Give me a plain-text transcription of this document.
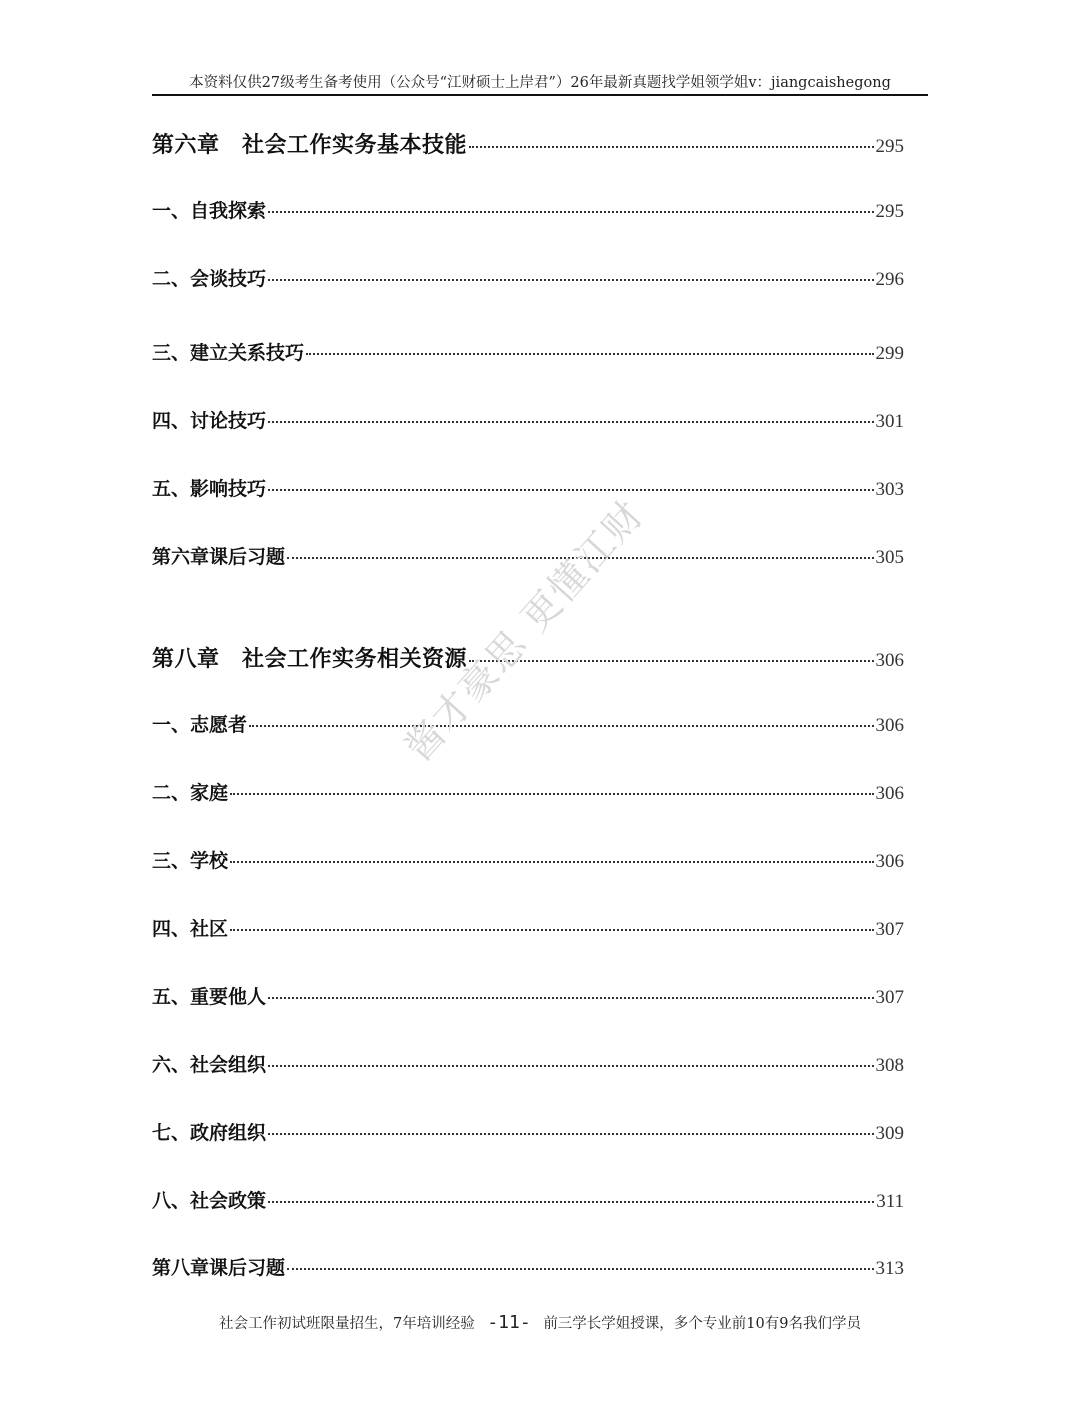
本资料仅供27级考生备考使用（公众号“江财硕士上岸君”）26年最新真题找学姐领学姐v：jiangcaishegong
第六章　社会工作实务基本技能	295
一、自我探索	295
二、会谈技巧	296
三、建立关系技巧	299
四、讨论技巧	301
五、影响技巧	303
第六章课后习题	305
第八章　社会工作实务相关资源	306
一、志愿者	306
二、家庭	306
三、学校	306
四、社区	307
五、重要他人	307
六、社会组织	308
七、政府组织	309
八、社会政策	311
第八章课后习题	313
酱才豪思 更懂江财
社会工作初试班限量招生，7年培训经验 -11- 前三学长学姐授课，多个专业前10有9名我们学员
